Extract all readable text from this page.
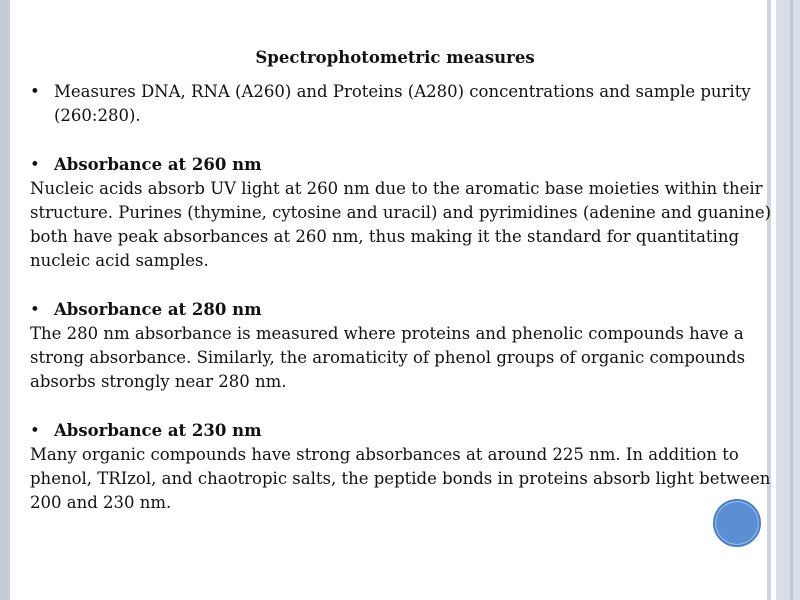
Spectrophotometric measures
• Measures DNA, RNA (A260) and Proteins (A280) concentrations and sample purity (260:280).
• Absorbance at 260 nm

Nucleic acids absorb UV light at 260 nm due to the aromatic base moieties within their structure. Purines (thymine, cytosine and uracil) and pyrimidines (adenine and guanine) both have peak absorbances at 260 nm, thus making it the standard for quantitating nucleic acid samples.

• Absorbance at 280 nm

The 280 nm absorbance is measured where proteins and phenolic compounds have a strong absorbance. Similarly, the aromaticity of phenol groups of organic compounds absorbs strongly near 280 nm.

• Absorbance at 230 nm

Many organic compounds have strong absorbances at around 225 nm. In addition to phenol, TRIzol, and chaotropic salts, the peptide bonds in proteins absorb light between 200 and 230 nm.
